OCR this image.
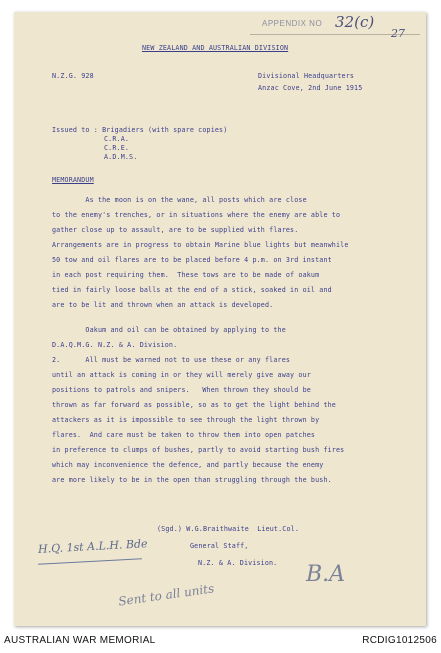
APPENDIX NO 32(c)
27
NEW ZEALAND AND AUSTRALIAN DIVISION
N.Z.G. 928	Divisional Headquarters
Anzac Cove, 2nd June 1915
Issued to : Brigadiers (with spare copies)
C.R.A.
C.R.E.
A.D.M.S.
MEMORANDUM
As the moon is on the wane, all posts which are close
to the enemy's trenches, or in situations where the enemy are able to
gather close up to assault, are to be supplied with flares.
Arrangements are in progress to obtain Marine blue lights but meanwhile
50 tow and oil flares are to be placed before 4 p.m. on 3rd instant
in each post requiring them.  These tows are to be made of oakum
tied in fairly loose balls at the end of a stick, soaked in oil and
are to be lit and thrown when an attack is developed.
Oakum and oil can be obtained by applying to the
D.A.Q.M.G. N.Z. & A. Division.
2.      All must be warned not to use these or any flares
until an attack is coming in or they will merely give away our
positions to patrols and snipers.   When thrown they should be
thrown as far forward as possible, so as to get the light behind the
attackers as it is impossible to see through the light thrown by
flares.  And care must be taken to throw them into open patches
in preference to clumps of bushes, partly to avoid starting bush fires
which may inconvenience the defence, and partly because the enemy
are more likely to be in the open than struggling through the bush.
(Sgd.) W.G.Braithwaite  Lieut.Col.
General Staff,
N.Z. & A. Division.
H.Q. 1st A.L.H. Bde
Sent to all units
B.A
AUSTRALIAN WAR MEMORIAL	RCDIG1012506
